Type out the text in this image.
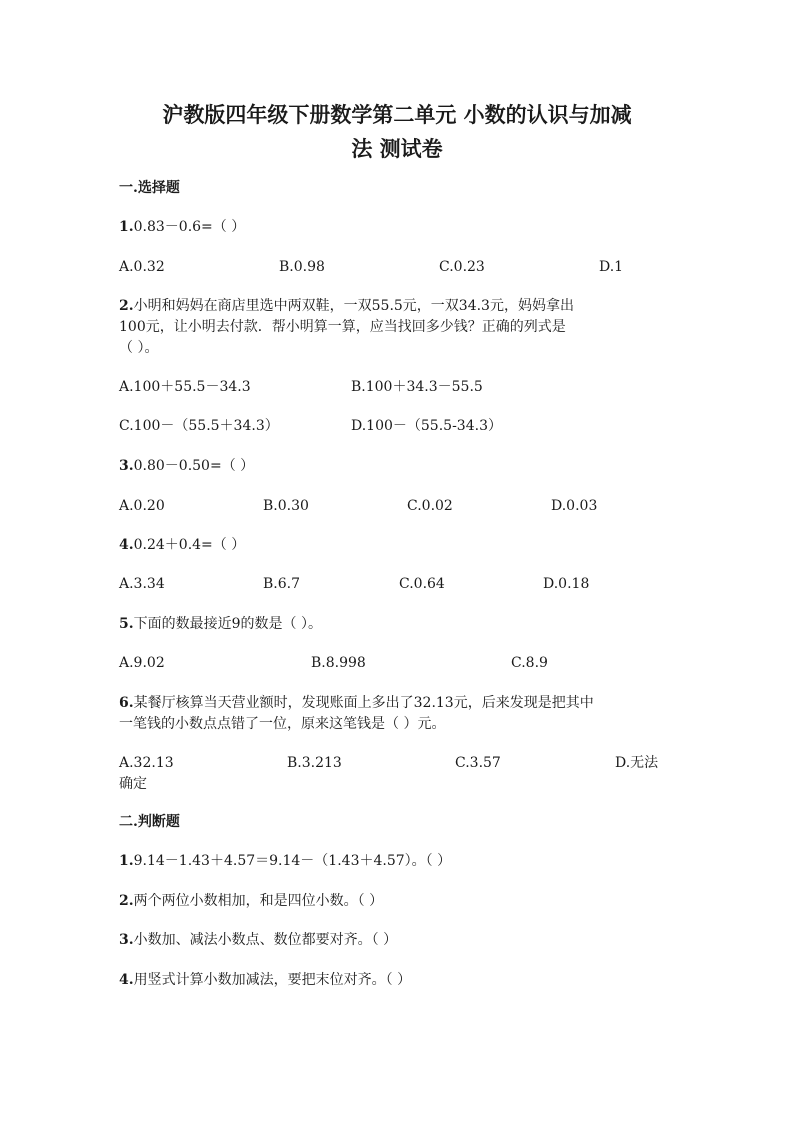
沪教版四年级下册数学第二单元 小数的认识与加减
法 测试卷
一.选择题
1.0.83－0.6=（ ）
A.0.32	B.0.98	C.0.23	D.1
2.小明和妈妈在商店里选中两双鞋，一双55.5元，一双34.3元，妈妈拿出
100元，让小明去付款．帮小明算一算，应当找回多少钱？正确的列式是
（ ）。
A.100＋55.5－34.3	B.100＋34.3－55.5
C.100－（55.5＋34.3）	D.100－（55.5-34.3）
3.0.80－0.50=（ ）
A.0.20	B.0.30	C.0.02	D.0.03
4.0.24＋0.4=（ ）
A.3.34	B.6.7	C.0.64	D.0.18
5.下面的数最接近9的数是（ ）。
A.9.02	B.8.998	C.8.9
6.某餐厅核算当天营业额时，发现账面上多出了32.13元，后来发现是把其中
一笔钱的小数点点错了一位，原来这笔钱是（ ）元。
A.32.13	B.3.213	C.3.57	D.无法
确定
二.判断题
1.9.14－1.43＋4.57＝9.14－（1.43＋4.57）。（ ）
2.两个两位小数相加，和是四位小数。（ ）
3.小数加、减法小数点、数位都要对齐。（ ）
4.用竖式计算小数加减法，要把末位对齐。（ ）
